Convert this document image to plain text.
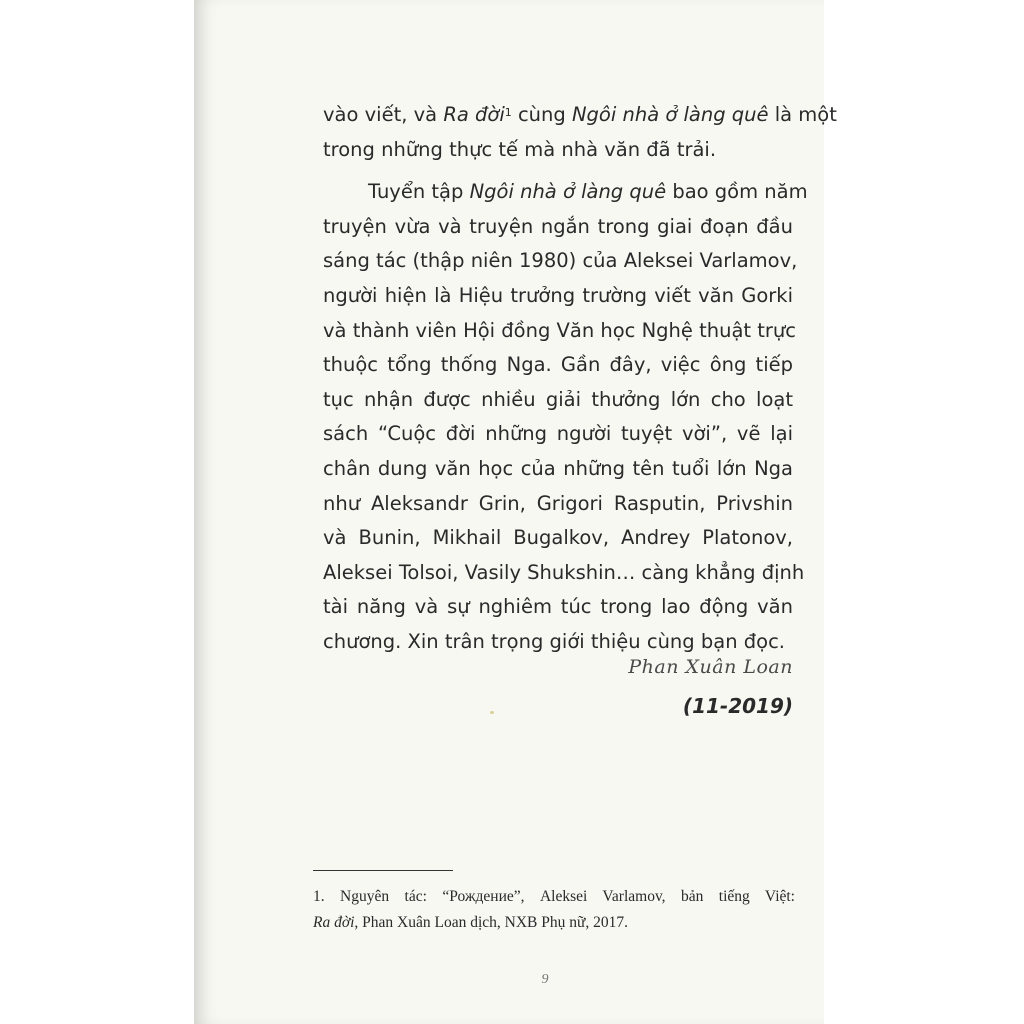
vào viết, và Ra đời$^1$ cùng Ngôi nhà ở làng quê là một
trong những thực tế mà nhà văn đã trải.

Tuyển tập Ngôi nhà ở làng quê bao gồm năm
truyện vừa và truyện ngắn trong giai đoạn đầu
sáng tác (thập niên 1980) của Aleksei Varlamov,
người hiện là Hiệu trưởng trường viết văn Gorki
và thành viên Hội đồng Văn học Nghệ thuật trực
thuộc tổng thống Nga. Gần đây, việc ông tiếp
tục nhận được nhiều giải thưởng lớn cho loạt
sách “Cuộc đời những người tuyệt vời”, vẽ lại
chân dung văn học của những tên tuổi lớn Nga
như Aleksandr Grin, Grigori Rasputin, Privshin
và Bunin, Mikhail Bugalkov, Andrey Platonov,
Aleksei Tolsoi, Vasily Shukshin… càng khẳng định
tài năng và sự nghiêm túc trong lao động văn
chương. Xin trân trọng giới thiệu cùng bạn đọc.

Phan Xuân Loan
(11-2019)
1. Nguyên tác: “Рождение”, Aleksei Varlamov, bản tiếng Việt:
Ra đời, Phan Xuân Loan dịch, NXB Phụ nữ, 2017.
9
